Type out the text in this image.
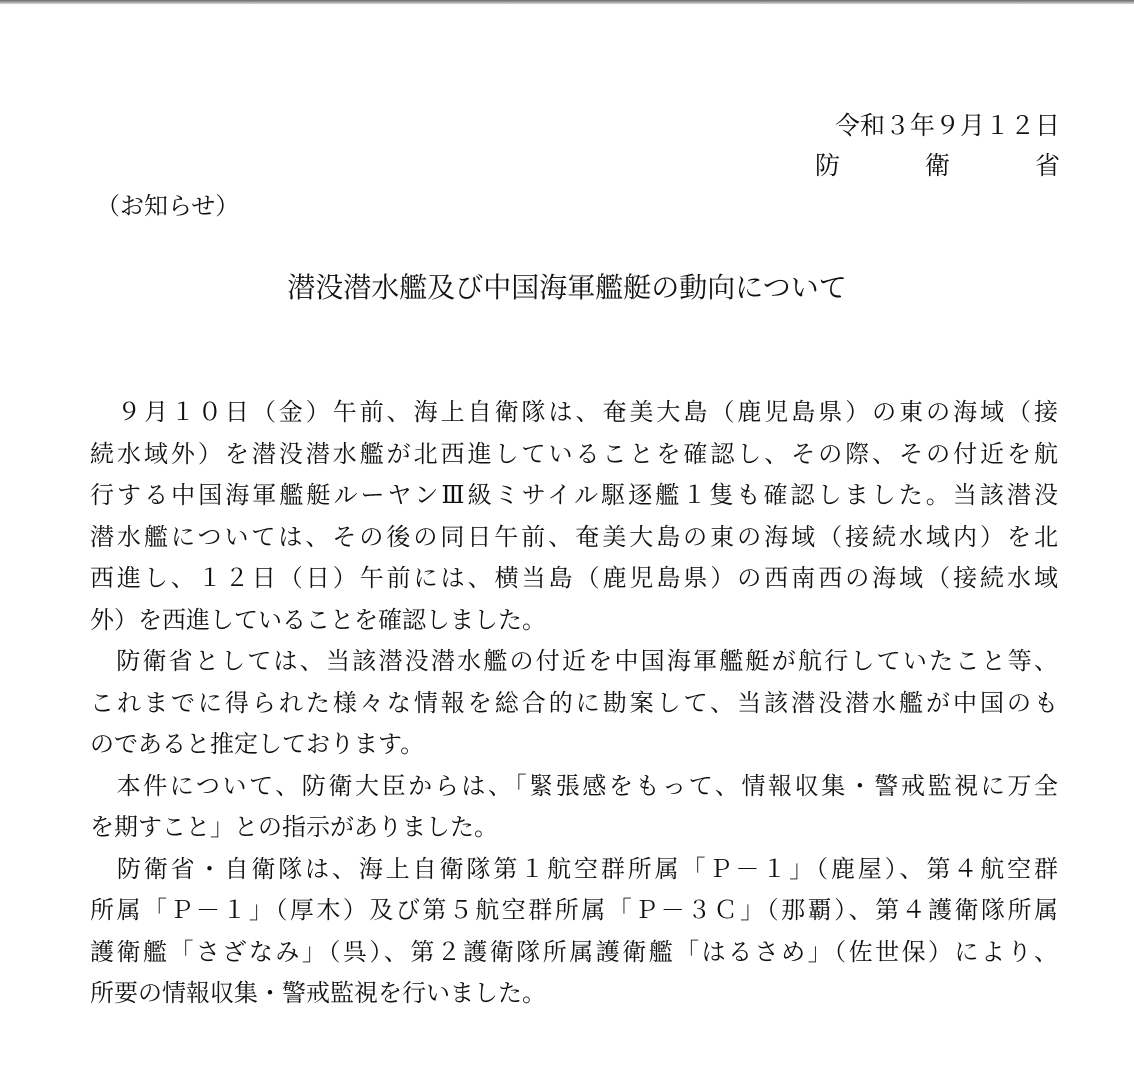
令和３年９月１２日
防 衛 省
（お知らせ）
潜没潜水艦及び中国海軍艦艇の動向について
　９月１０日（金）午前、海上自衛隊は、奄美大島（鹿児島県）の東の海域（接
続水域外）を潜没潜水艦が北西進していることを確認し、その際、その付近を航
行する中国海軍艦艇ルーヤンⅢ級ミサイル駆逐艦１隻も確認しました。当該潜没
潜水艦については、その後の同日午前、奄美大島の東の海域（接続水域内）を北
西進し、１２日（日）午前には、横当島（鹿児島県）の西南西の海域（接続水域
外）を西進していることを確認しました。
　防衛省としては、当該潜没潜水艦の付近を中国海軍艦艇が航行していたこと等、
これまでに得られた様々な情報を総合的に勘案して、当該潜没潜水艦が中国のも
のであると推定しております。
　本件について、防衛大臣からは、「緊張感をもって、情報収集・警戒監視に万全
を期すこと」との指示がありました。
　防衛省・自衛隊は、海上自衛隊第１航空群所属「Ｐ－１」（鹿屋）、第４航空群
所属「Ｐ－１」（厚木）及び第５航空群所属「Ｐ－３Ｃ」（那覇）、第４護衛隊所属
護衛艦「さざなみ」（呉）、第２護衛隊所属護衛艦「はるさめ」（佐世保）により、
所要の情報収集・警戒監視を行いました。
